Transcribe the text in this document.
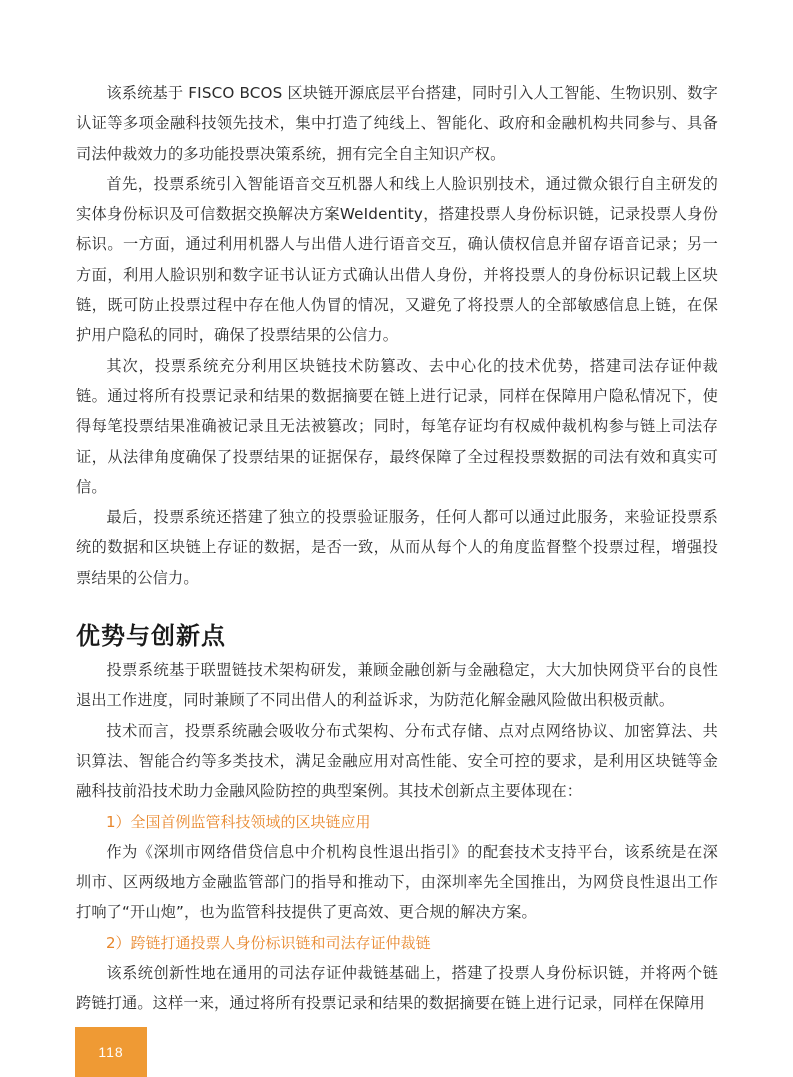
该系统基于 FISCO BCOS 区块链开源底层平台搭建，同时引入人工智能、生物识别、数字认证等多项金融科技领先技术，集中打造了纯线上、智能化、政府和金融机构共同参与、具备司法仲裁效力的多功能投票决策系统，拥有完全自主知识产权。

首先，投票系统引入智能语音交互机器人和线上人脸识别技术，通过微众银行自主研发的实体身份标识及可信数据交换解决方案WeIdentity，搭建投票人身份标识链，记录投票人身份标识。一方面，通过利用机器人与出借人进行语音交互，确认债权信息并留存语音记录；另一方面，利用人脸识别和数字证书认证方式确认出借人身份，并将投票人的身份标识记载上区块链，既可防止投票过程中存在他人伪冒的情况，又避免了将投票人的全部敏感信息上链，在保护用户隐私的同时，确保了投票结果的公信力。

其次，投票系统充分利用区块链技术防篡改、去中心化的技术优势，搭建司法存证仲裁链。通过将所有投票记录和结果的数据摘要在链上进行记录，同样在保障用户隐私情况下，使得每笔投票结果准确被记录且无法被篡改；同时，每笔存证均有权威仲裁机构参与链上司法存证，从法律角度确保了投票结果的证据保存，最终保障了全过程投票数据的司法有效和真实可信。

最后，投票系统还搭建了独立的投票验证服务，任何人都可以通过此服务，来验证投票系统的数据和区块链上存证的数据，是否一致，从而从每个人的角度监督整个投票过程，增强投票结果的公信力。

优势与创新点

投票系统基于联盟链技术架构研发，兼顾金融创新与金融稳定，大大加快网贷平台的良性退出工作进度，同时兼顾了不同出借人的利益诉求，为防范化解金融风险做出积极贡献。

技术而言，投票系统融会吸收分布式架构、分布式存储、点对点网络协议、加密算法、共识算法、智能合约等多类技术，满足金融应用对高性能、安全可控的要求，是利用区块链等金融科技前沿技术助力金融风险防控的典型案例。其技术创新点主要体现在：

1）全国首例监管科技领域的区块链应用

作为《深圳市网络借贷信息中介机构良性退出指引》的配套技术支持平台，该系统是在深圳市、区两级地方金融监管部门的指导和推动下，由深圳率先全国推出，为网贷良性退出工作打响了“开山炮”，也为监管科技提供了更高效、更合规的解决方案。

2）跨链打通投票人身份标识链和司法存证仲裁链

该系统创新性地在通用的司法存证仲裁链基础上，搭建了投票人身份标识链，并将两个链跨链打通。这样一来，通过将所有投票记录和结果的数据摘要在链上进行记录，同样在保障用

118
